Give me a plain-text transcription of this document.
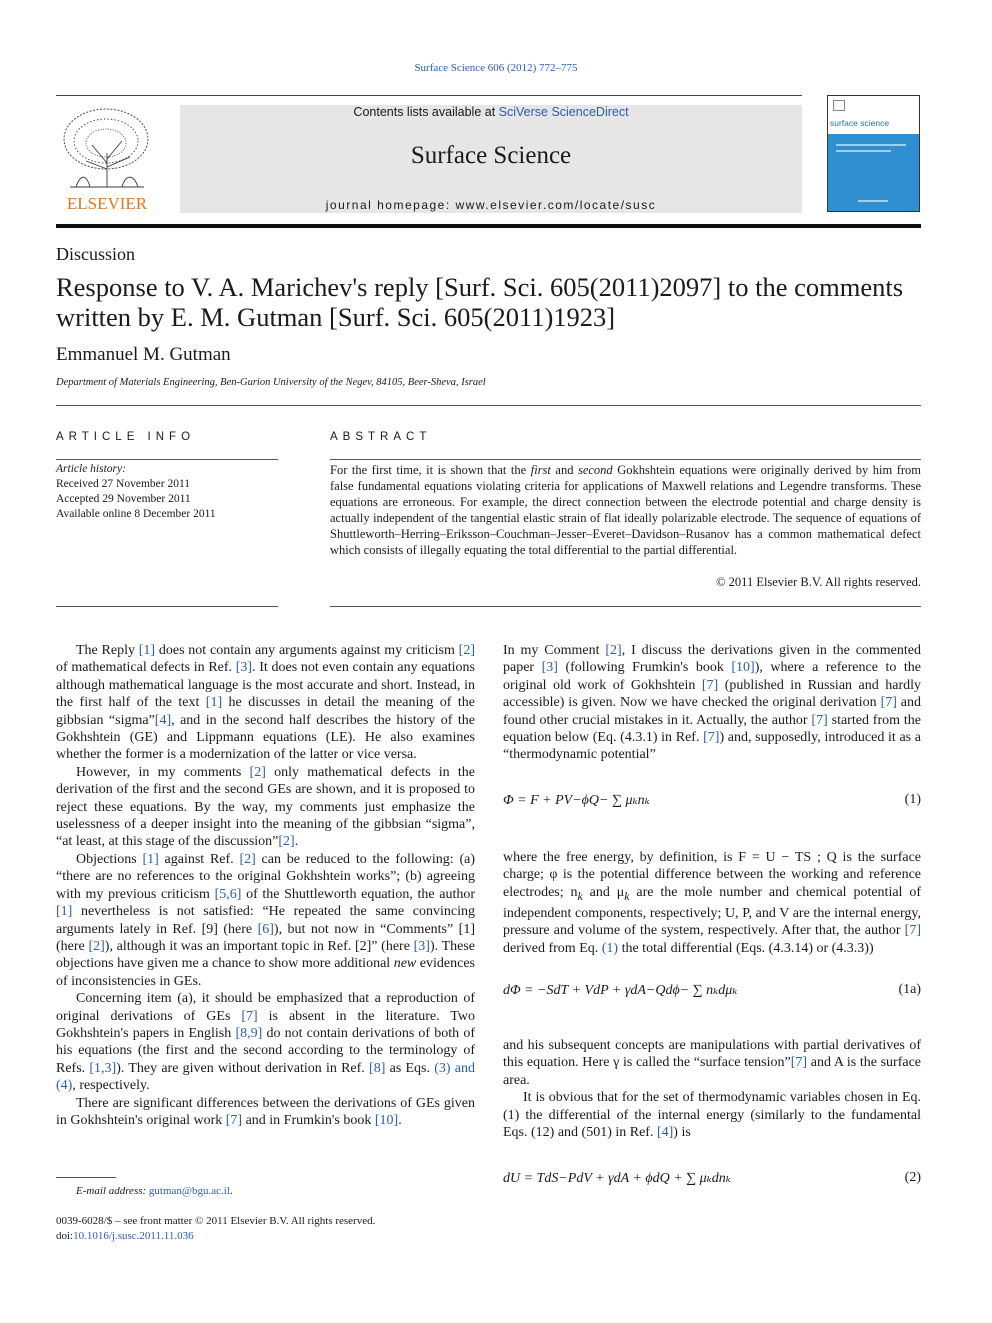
Surface Science 606 (2012) 772–775
ELSEVIER
Contents lists available at SciVerse ScienceDirect
Surface Science
journal homepage: www.elsevier.com/locate/susc
surface science
Discussion
Response to V. A. Marichev's reply [Surf. Sci. 605(2011)2097] to the comments written by E. M. Gutman [Surf. Sci. 605(2011)1923]
Emmanuel M. Gutman
Department of Materials Engineering, Ben-Gurion University of the Negev, 84105, Beer-Sheva, Israel
ARTICLE INFO
Article history:
Received 27 November 2011
Accepted 29 November 2011
Available online 8 December 2011
ABSTRACT
For the first time, it is shown that the first and second Gokhshtein equations were originally derived by him from false fundamental equations violating criteria for applications of Maxwell relations and Legendre transforms. These equations are erroneous. For example, the direct connection between the electrode potential and charge density is actually independent of the tangential elastic strain of flat ideally polarizable electrode. The sequence of equations of Shuttleworth–Herring–Eriksson–Couchman–Jesser–Everet–Davidson–Rusanov has a common mathematical defect which consists of illegally equating the total differential to the partial differential.
© 2011 Elsevier B.V. All rights reserved.

The Reply [1] does not contain any arguments against my criticism [2] of mathematical defects in Ref. [3]. It does not even contain any equations although mathematical language is the most accurate and short. Instead, in the first half of the text [1] he discusses in detail the meaning of the gibbsian “sigma”[4], and in the second half describes the history of the Gokhshtein (GE) and Lippmann equations (LE). He also examines whether the former is a modernization of the latter or vice versa.

However, in my comments [2] only mathematical defects in the derivation of the first and the second GEs are shown, and it is proposed to reject these equations. By the way, my comments just emphasize the uselessness of a deeper insight into the meaning of the gibbsian “sigma”, “at least, at this stage of the discussion”[2].

Objections [1] against Ref. [2] can be reduced to the following: (a) “there are no references to the original Gokhshtein works”; (b) agreeing with my previous criticism [5,6] of the Shuttleworth equation, the author [1] nevertheless is not satisfied: “He repeated the same convincing arguments lately in Ref. [9] (here [6]), but not now in “Comments” [1] (here [2]), although it was an important topic in Ref. [2]” (here [3]). These objections have given me a chance to show more additional new evidences of inconsistencies in GEs.

Concerning item (a), it should be emphasized that a reproduction of original derivations of GEs [7] is absent in the literature. Two Gokhshtein's papers in English [8,9] do not contain derivations of both of his equations (the first and the second according to the terminology of Refs. [1,3]). They are given without derivation in Ref. [8] as Eqs. (3) and (4), respectively.

There are significant differences between the derivations of GEs given in Gokhshtein's original work [7] and in Frumkin's book [10].

In my Comment [2], I discuss the derivations given in the commented paper [3] (following Frumkin's book [10]), where a reference to the original old work of Gokhshtein [7] (published in Russian and hardly accessible) is given. Now we have checked the original derivation [7] and found other crucial mistakes in it. Actually, the author [7] started from the equation below (Eq. (4.3.1) in Ref. [7]) and, supposedly, introduced it as a “thermodynamic potential”

Φ = F + PV−ϕQ− ∑ μₖnₖ	(1)

where the free energy, by definition, is F = U − TS ; Q is the surface charge; φ is the potential difference between the working and reference electrodes; $n_k$ and $\mu_k$ are the mole number and chemical potential of independent components, respectively; U, P, and V are the internal energy, pressure and volume of the system, respectively. After that, the author [7] derived from Eq. (1) the total differential (Eqs. (4.3.14) or (4.3.3))

dΦ = −SdT + VdP + γdA−Qdϕ− ∑ nₖdμₖ	(1a)

and his subsequent concepts are manipulations with partial derivatives of this equation. Here γ is called the “surface tension”[7] and A is the surface area.

It is obvious that for the set of thermodynamic variables chosen in Eq. (1) the differential of the internal energy (similarly to the fundamental Eqs. (12) and (501) in Ref. [4]) is

dU = TdS−PdV + γdA + ϕdQ + ∑ μₖdnₖ	(2)
E-mail address: gutman@bgu.ac.il.
0039-6028/$ – see front matter © 2011 Elsevier B.V. All rights reserved.
doi:10.1016/j.susc.2011.11.036
